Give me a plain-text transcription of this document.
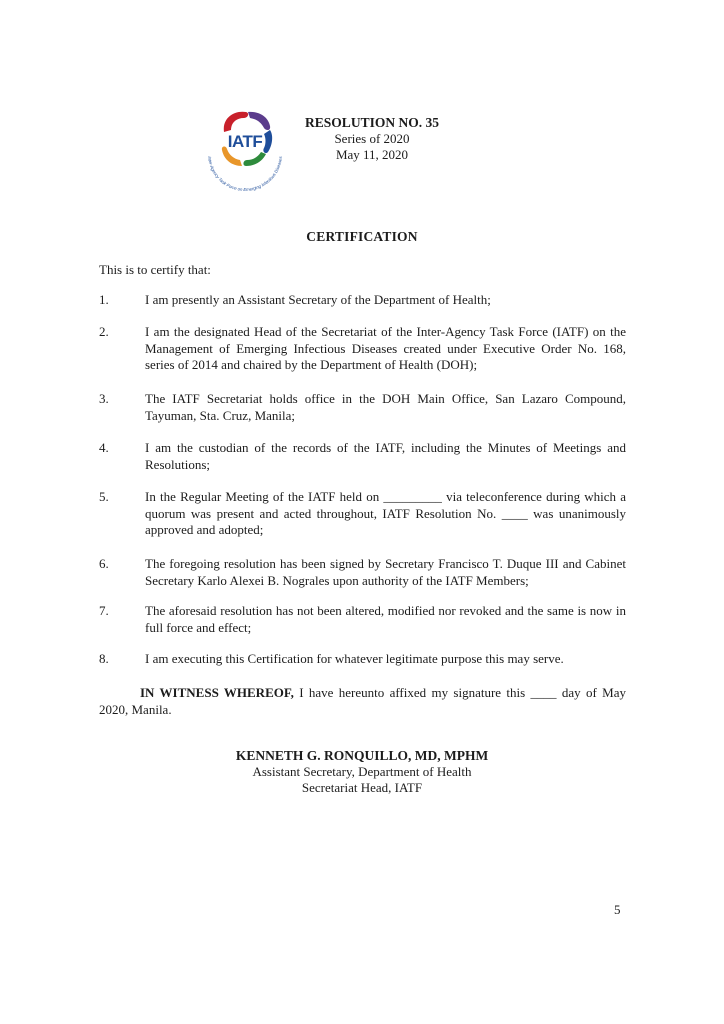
IATF
Inter-Agency Task Force on Emerging Infectious Diseases
RESOLUTION NO. 35
Series of 2020
May 11, 2020
CERTIFICATION
This is to certify that:
1.	I am presently an Assistant Secretary of the Department of Health;
2.	I am the designated Head of the Secretariat of the Inter-Agency Task Force (IATF) on the Management of Emerging Infectious Diseases created under Executive Order No. 168, series of 2014 and chaired by the Department of Health (DOH);
3.	The IATF Secretariat holds office in the DOH Main Office, San Lazaro Compound, Tayuman, Sta. Cruz, Manila;
4.	I am the custodian of the records of the IATF, including the Minutes of Meetings and Resolutions;
5.	In the Regular Meeting of the IATF held on _________ via teleconference during which a quorum was present and acted throughout, IATF Resolution No. ____ was unanimously approved and adopted;
6.	The foregoing resolution has been signed by Secretary Francisco T. Duque III and Cabinet Secretary Karlo Alexei B. Nograles upon authority of the IATF Members;
7.	The aforesaid resolution has not been altered, modified nor revoked and the same is now in full force and effect;
8.	I am executing this Certification for whatever legitimate purpose this may serve.
IN WITNESS WHEREOF, I have hereunto affixed my signature this ____ day of May 2020, Manila.
KENNETH G. RONQUILLO, MD, MPHM
Assistant Secretary, Department of Health
Secretariat Head, IATF
5
